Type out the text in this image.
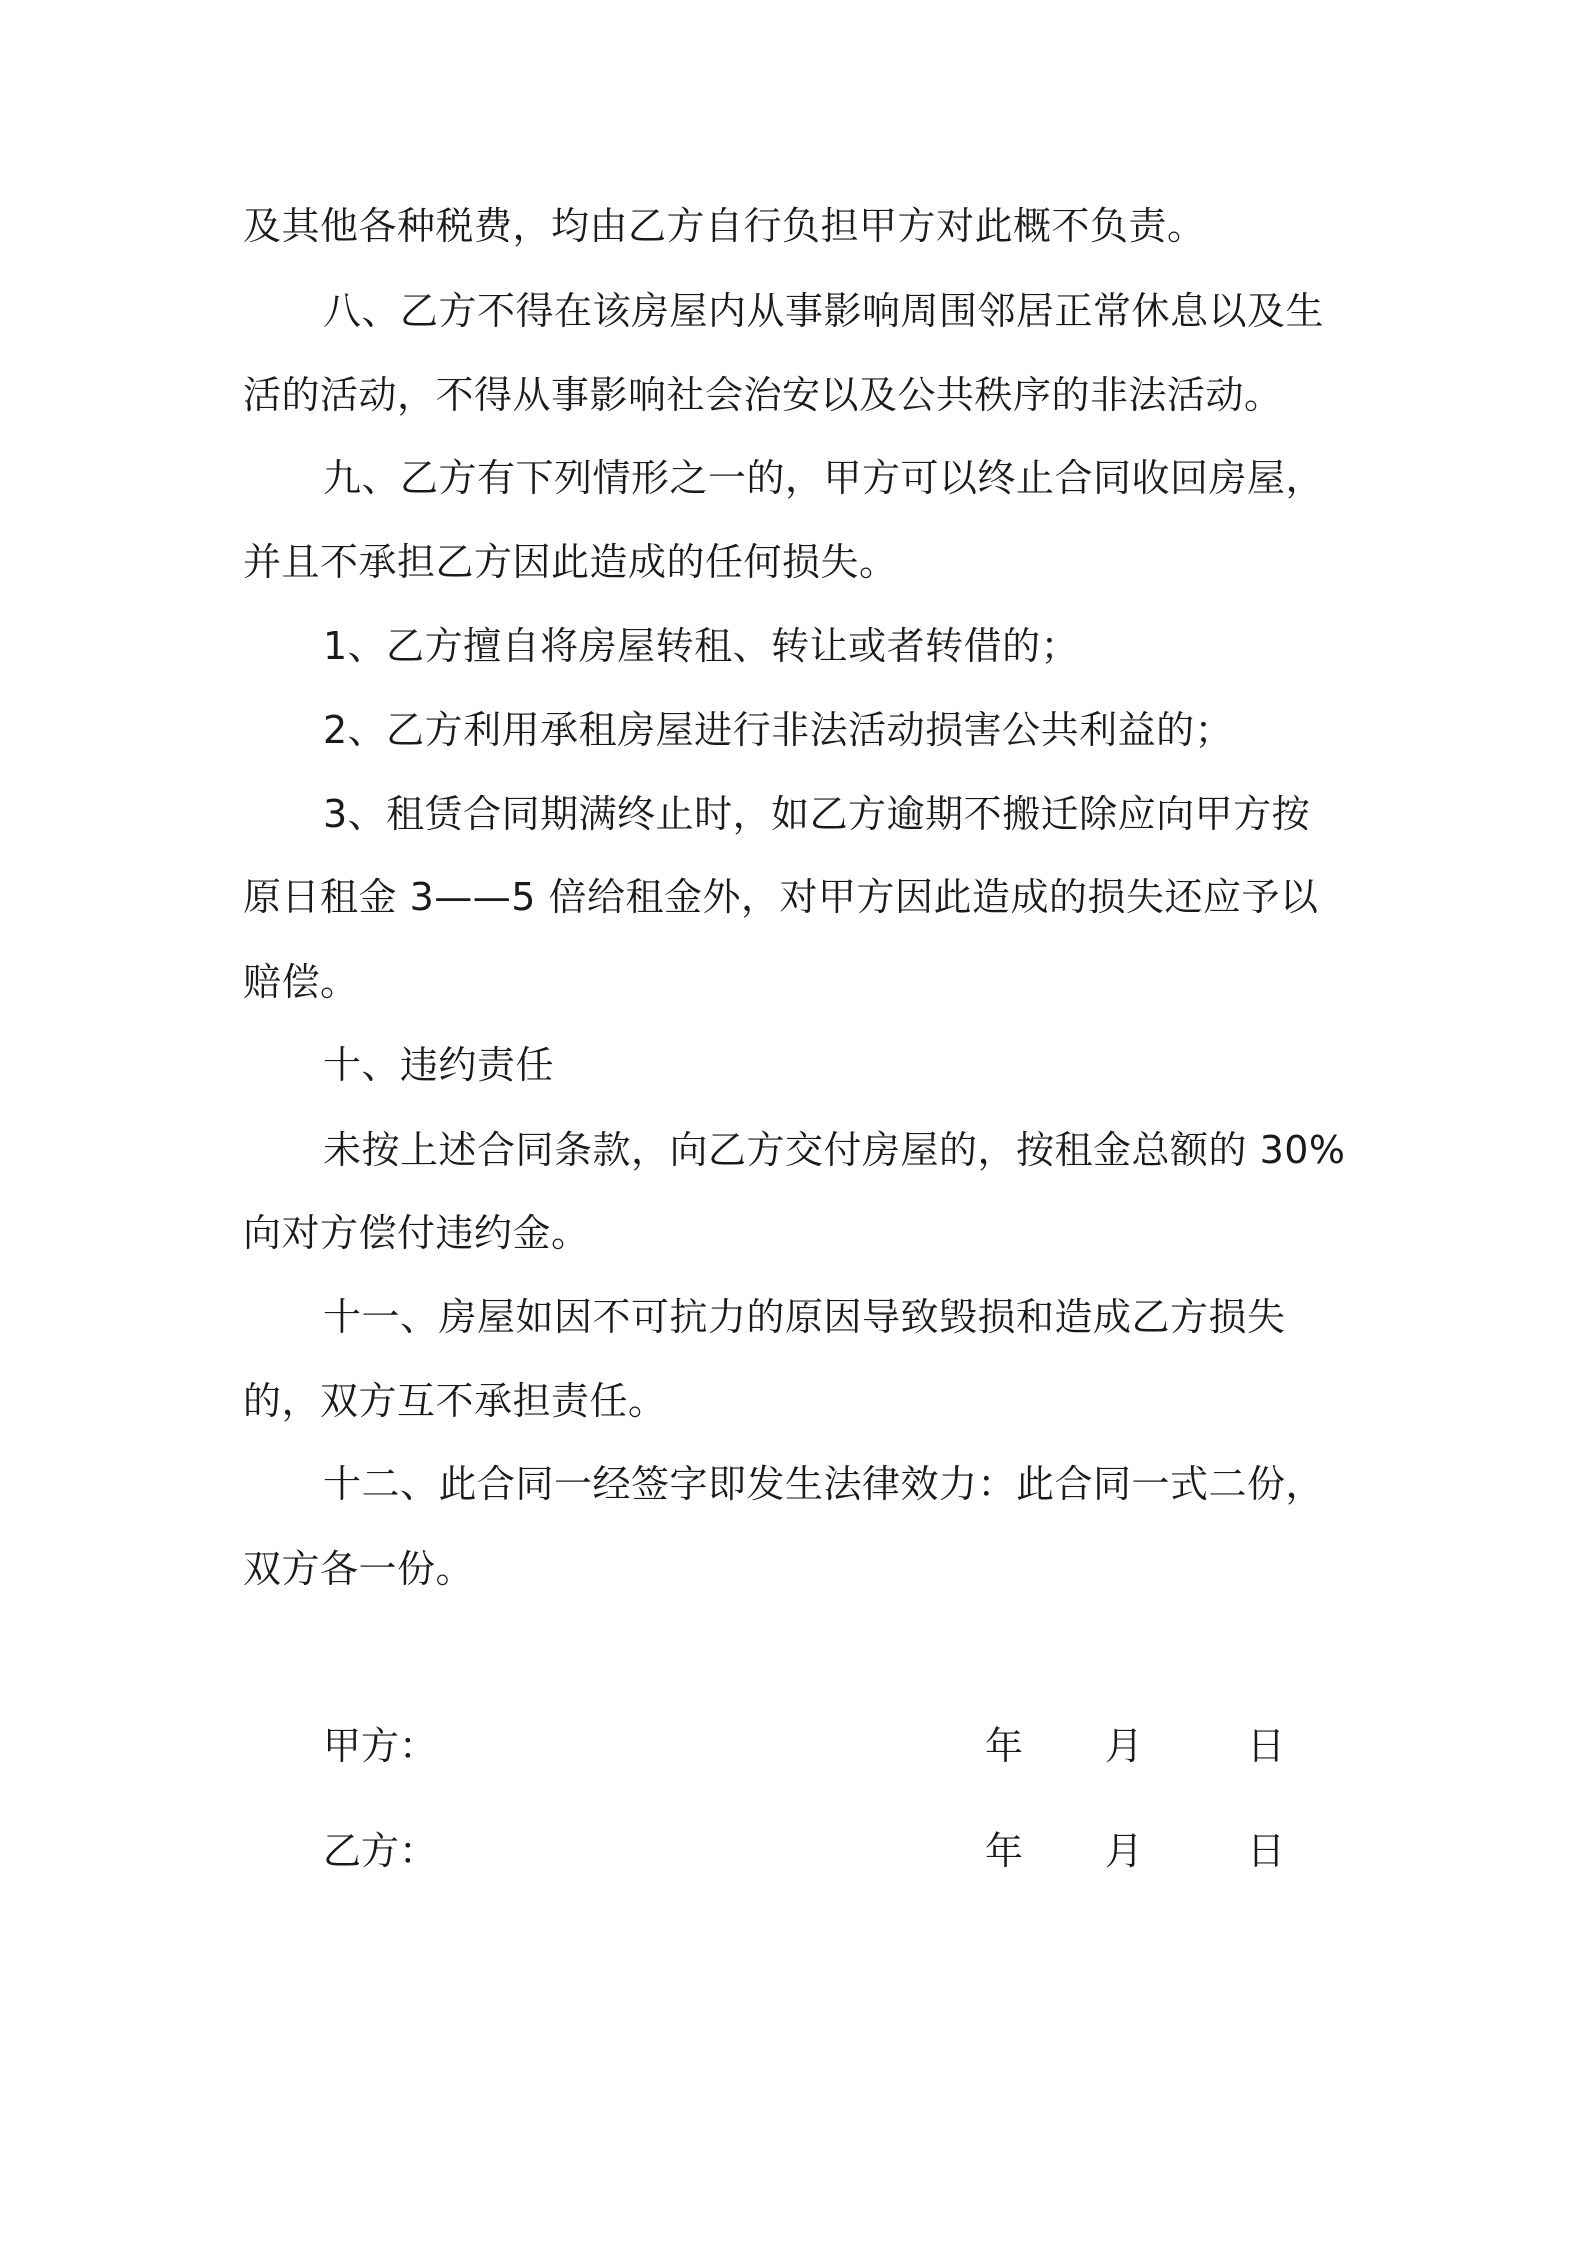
及其他各种税费，均由乙方自行负担甲方对此概不负责。
八、乙方不得在该房屋内从事影响周围邻居正常休息以及生
活的活动，不得从事影响社会治安以及公共秩序的非法活动。
九、乙方有下列情形之一的，甲方可以终止合同收回房屋，
并且不承担乙方因此造成的任何损失。
1、乙方擅自将房屋转租、转让或者转借的；
2、乙方利用承租房屋进行非法活动损害公共利益的；
3、租赁合同期满终止时，如乙方逾期不搬迁除应向甲方按
原日租金 3——5 倍给租金外，对甲方因此造成的损失还应予以
赔偿。
十、违约责任
未按上述合同条款，向乙方交付房屋的，按租金总额的 30%
向对方偿付违约金。
十一、房屋如因不可抗力的原因导致毁损和造成乙方损失
的，双方互不承担责任。
十二、此合同一经签字即发生法律效力：此合同一式二份，
双方各一份。
甲方：	年 月	日
乙方：	年 月	日
